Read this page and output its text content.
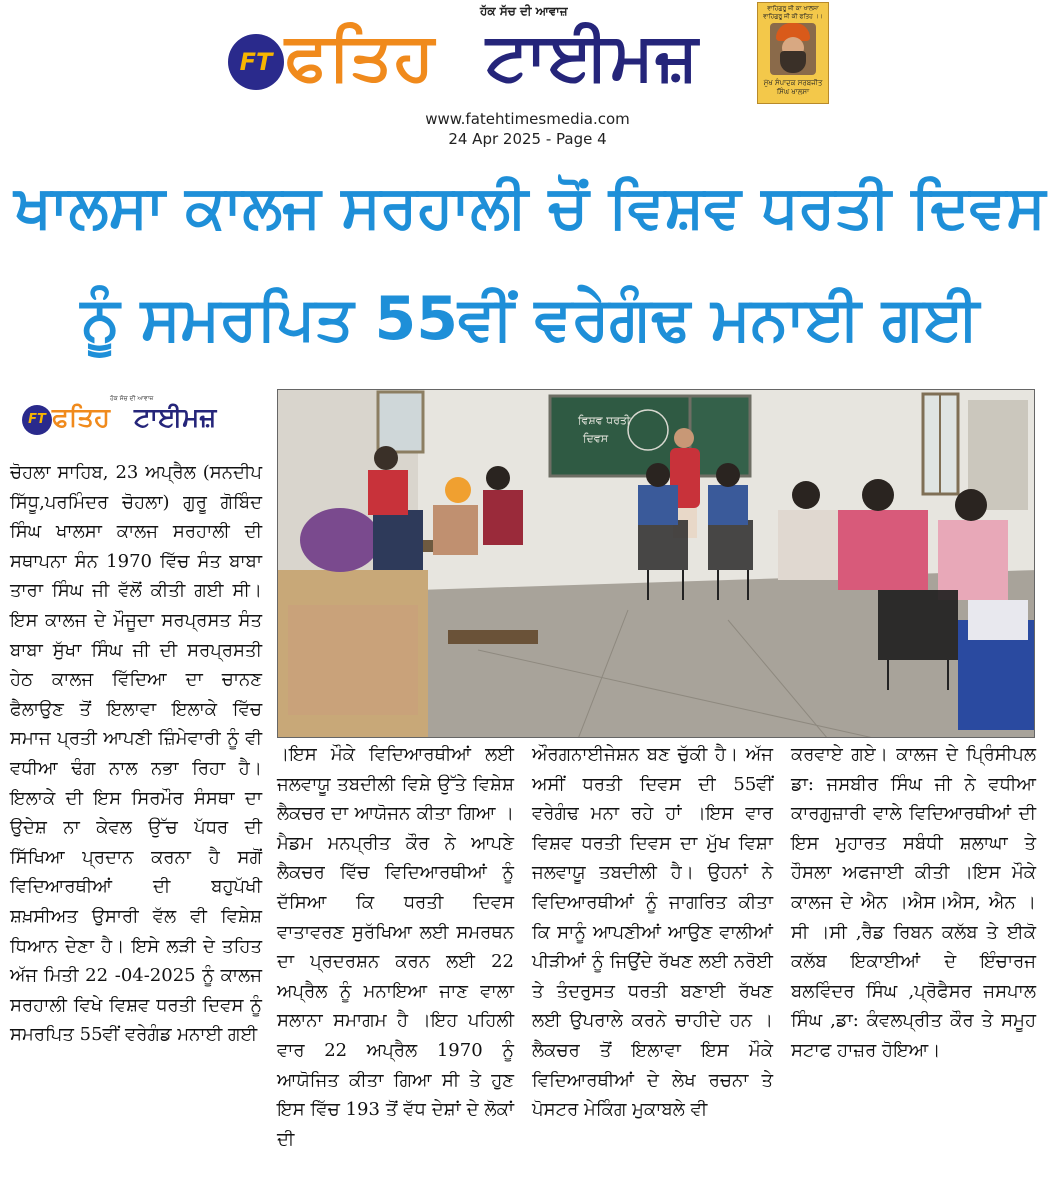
ਹੱਕ ਸੱਚ ਦੀ ਆਵਾਜ਼
FT ਫਤਿਹ ਟਾਈਮਜ਼
ਵਾਹਿਗੁਰੂ ਜੀ ਕਾ ਖਾਲਸਾ ਵਾਹਿਗੁਰੂ ਜੀ ਕੀ ਫਤਿਹ ।।
ਮੁੱਖ ਸੰਪਾਦਕ ਸਰਬਜੀਤ ਸਿੰਘ ਖਾਲਸਾ
www.fatehtimesmedia.com
24 Apr 2025 - Page 4
ਖਾਲਸਾ ਕਾਲਜ ਸਰਹਾਲੀ ਚੋਂ ਵਿਸ਼ਵ ਧਰਤੀ ਦਿਵਸ
ਨੂੰ ਸਮਰਪਿਤ 55ਵੀਂ ਵਰੇਗੰਢ ਮਨਾਈ ਗਈ
ਹੱਕ ਸੱਚ ਦੀ ਆਵਾਜ਼
FT ਫਤਿਹ ਟਾਈਮਜ਼	ਵਿਸ਼ਵ ਧਰਤੀ
ਦਿਵਸ
ਚੋਹਲਾ ਸਾਹਿਬ, 23 ਅਪ੍ਰੈਲ (ਸਨਦੀਪ ਸਿੱਧੂ,ਪਰਮਿੰਦਰ ਚੋਹਲਾ) ਗੁਰੂ ਗੋਬਿੰਦ ਸਿੰਘ ਖਾਲਸਾ ਕਾਲਜ ਸਰਹਾਲੀ ਦੀ ਸਥਾਪਨਾ ਸੰਨ 1970 ਵਿੱਚ ਸੰਤ ਬਾਬਾ ਤਾਰਾ ਸਿੰਘ ਜੀ ਵੱਲੋਂ ਕੀਤੀ ਗਈ ਸੀ। ਇਸ ਕਾਲਜ ਦੇ ਮੌਜੂਦਾ ਸਰਪ੍ਰਸਤ ਸੰਤ ਬਾਬਾ ਸੁੱਖਾ ਸਿੰਘ ਜੀ ਦੀ ਸਰਪ੍ਰਸਤੀ ਹੇਠ ਕਾਲਜ ਵਿੱਦਿਆ ਦਾ ਚਾਨਣ ਫੈਲਾਉਣ ਤੋਂ ਇਲਾਵਾ ਇਲਾਕੇ ਵਿੱਚ ਸਮਾਜ ਪ੍ਰਤੀ ਆਪਣੀ ਜ਼ਿੰਮੇਵਾਰੀ ਨੂੰ ਵੀ ਵਧੀਆ ਢੰਗ ਨਾਲ ਨਭਾ ਰਿਹਾ ਹੈ। ਇਲਾਕੇ ਦੀ ਇਸ ਸਿਰਮੌਰ ਸੰਸਥਾ ਦਾ ਉਦੇਸ਼ ਨਾ ਕੇਵਲ ਉੱਚ ਪੱਧਰ ਦੀ ਸਿੱਖਿਆ ਪ੍ਰਦਾਨ ਕਰਨਾ ਹੈ ਸਗੋਂ ਵਿਦਿਆਰਥੀਆਂ ਦੀ ਬਹੁਪੱਖੀ ਸ਼ਖ਼ਸੀਅਤ ਉਸਾਰੀ ਵੱਲ ਵੀ ਵਿਸ਼ੇਸ਼ ਧਿਆਨ ਦੇਣਾ ਹੈ। ਇਸੇ ਲੜੀ ਦੇ ਤਹਿਤ ਅੱਜ ਮਿਤੀ 22 -04-2025 ਨੂੰ ਕਾਲਜ ਸਰਹਾਲੀ ਵਿਖੇ ਵਿਸ਼ਵ ਧਰਤੀ ਦਿਵਸ ਨੂੰ ਸਮਰਪਿਤ 55ਵੀਂ ਵਰੇਗੰਡ ਮਨਾਈ ਗਈ
।ਇਸ ਮੌਕੇ ਵਿਦਿਆਰਥੀਆਂ ਲਈ ਜਲਵਾਯੂ ਤਬਦੀਲੀ ਵਿਸ਼ੇ ਉੱਤੇ ਵਿਸ਼ੇਸ਼ ਲੈਕਚਰ ਦਾ ਆਯੋਜਨ ਕੀਤਾ ਗਿਆ ।ਮੈਡਮ ਮਨਪ੍ਰੀਤ ਕੌਰ ਨੇ ਆਪਣੇ ਲੈਕਚਰ ਵਿੱਚ ਵਿਦਿਆਰਥੀਆਂ ਨੂੰ ਦੱਸਿਆ ਕਿ ਧਰਤੀ ਦਿਵਸ ਵਾਤਾਵਰਣ ਸੁਰੱਖਿਆ ਲਈ ਸਮਰਥਨ ਦਾ ਪ੍ਰਦਰਸ਼ਨ ਕਰਨ ਲਈ 22 ਅਪ੍ਰੈਲ ਨੂੰ ਮਨਾਇਆ ਜਾਣ ਵਾਲਾ ਸਲਾਨਾ ਸਮਾਗਮ ਹੈ ।ਇਹ ਪਹਿਲੀ ਵਾਰ 22 ਅਪ੍ਰੈਲ 1970 ਨੂੰ ਆਯੋਜਿਤ ਕੀਤਾ ਗਿਆ ਸੀ ਤੇ ਹੁਣ ਇਸ ਵਿੱਚ 193 ਤੋਂ ਵੱਧ ਦੇਸ਼ਾਂ ਦੇ ਲੋਕਾਂ ਦੀ
ਔਰਗਨਾਈਜੇਸ਼ਨ ਬਣ ਚੁੱਕੀ ਹੈ। ਅੱਜ ਅਸੀਂ ਧਰਤੀ ਦਿਵਸ ਦੀ 55ਵੀਂ ਵਰੇਗੰਢ ਮਨਾ ਰਹੇ ਹਾਂ ।ਇਸ ਵਾਰ ਵਿਸ਼ਵ ਧਰਤੀ ਦਿਵਸ ਦਾ ਮੁੱਖ ਵਿਸ਼ਾ ਜਲਵਾਯੂ ਤਬਦੀਲੀ ਹੈ। ਉਹਨਾਂ ਨੇ ਵਿਦਿਆਰਥੀਆਂ ਨੂੰ ਜਾਗਰਿਤ ਕੀਤਾ ਕਿ ਸਾਨੂੰ ਆਪਣੀਆਂ ਆਉਣ ਵਾਲੀਆਂ ਪੀੜੀਆਂ ਨੂੰ ਜਿਉਂਦੇ ਰੱਖਣ ਲਈ ਨਰੋਈ ਤੇ ਤੰਦਰੁਸਤ ਧਰਤੀ ਬਣਾਈ ਰੱਖਣ ਲਈ ਉਪਰਾਲੇ ਕਰਨੇ ਚਾਹੀਦੇ ਹਨ ।ਲੈਕਚਰ ਤੋਂ ਇਲਾਵਾ ਇਸ ਮੌਕੇ ਵਿਦਿਆਰਥੀਆਂ ਦੇ ਲੇਖ ਰਚਨਾ ਤੇ ਪੋਸਟਰ ਮੇਕਿੰਗ ਮੁਕਾਬਲੇ ਵੀ
ਕਰਵਾਏ ਗਏ। ਕਾਲਜ ਦੇ ਪ੍ਰਿੰਸੀਪਲ ਡਾ: ਜਸਬੀਰ ਸਿੰਘ ਜੀ ਨੇ ਵਧੀਆ ਕਾਰਗੁਜ਼ਾਰੀ ਵਾਲੇ ਵਿਦਿਆਰਥੀਆਂ ਦੀ ਇਸ ਮੁਹਾਰਤ ਸਬੰਧੀ ਸ਼ਲਾਘਾ ਤੇ ਹੌਸਲਾ ਅਫਜਾਈ ਕੀਤੀ ।ਇਸ ਮੌਕੇ ਕਾਲਜ ਦੇ ਐਨ ।ਐਸ।ਐਸ, ਐਨ ।ਸੀ ।ਸੀ ,ਰੈਡ ਰਿਬਨ ਕਲੱਬ ਤੇ ਈਕੋ ਕਲੱਬ ਇਕਾਈਆਂ ਦੇ ਇੰਚਾਰਜ ਬਲਵਿੰਦਰ ਸਿੰਘ ,ਪ੍ਰੋਫੈਸਰ ਜਸਪਾਲ ਸਿੰਘ ,ਡਾ: ਕੰਵਲਪ੍ਰੀਤ ਕੌਰ ਤੇ ਸਮੂਹ ਸਟਾਫ ਹਾਜ਼ਰ ਹੋਇਆ।
